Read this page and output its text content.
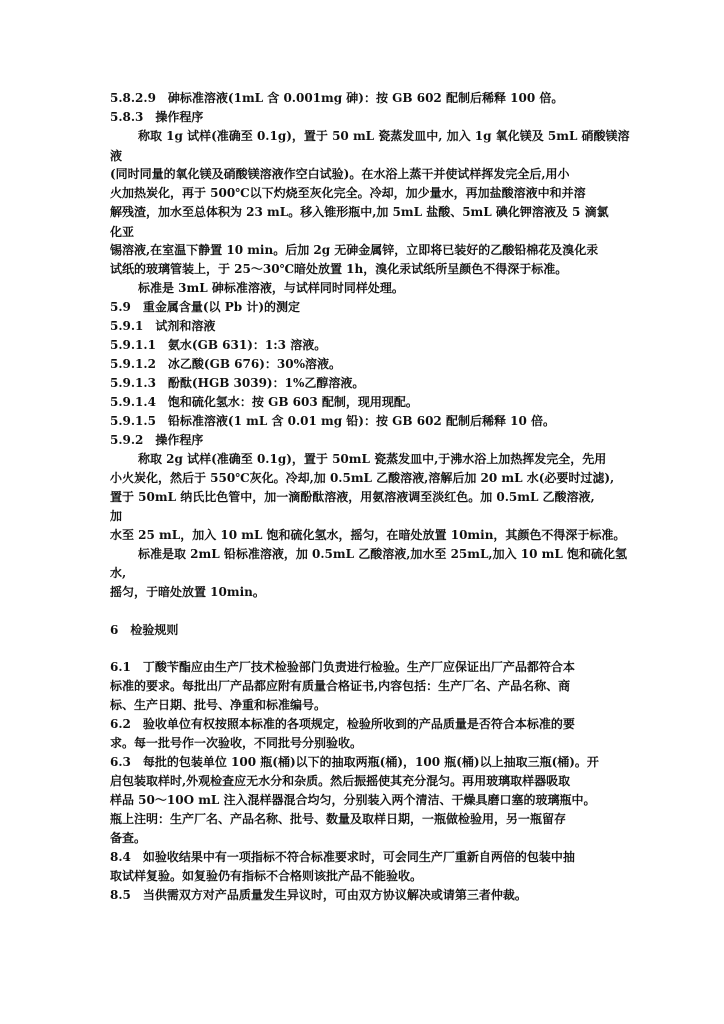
5.8.2.9　砷标准溶液(1mL 含 0.001mg 砷)：按 GB 602 配制后稀释 100 倍。
5.8.3　操作程序
称取 1g 试样(准确至 0.1g)，置于 50 mL 瓷蒸发皿中, 加入 1g 氧化镁及 5mL 硝酸镁溶
液
(同时同量的氧化镁及硝酸镁溶液作空白试验)。在水浴上蒸干并使试样挥发完全后,用小
火加热炭化，再于 500℃以下灼烧至灰化完全。冷却，加少量水，再加盐酸溶液中和并溶
解残渣，加水至总体积为 23 mL。移入锥形瓶中,加 5mL 盐酸、5mL 碘化钾溶液及 5 滴氯
化亚
锡溶液,在室温下静置 10 min。后加 2g 无砷金属锌，立即将已装好的乙酸铅棉花及溴化汞
试纸的玻璃管装上，于 25～30℃暗处放置 1h，溴化汞试纸所呈颜色不得深于标准。
标准是 3mL 砷标准溶液，与试样同时同样处理。
5.9　重金属含量(以 Pb 计)的测定
5.9.1　试剂和溶液
5.9.1.1　氨水(GB 631)：1:3 溶液。
5.9.1.2　冰乙酸(GB 676)：30%溶液。
5.9.1.3　酚酞(HGB 3039)：1%乙醇溶液。
5.9.1.4　饱和硫化氢水：按 GB 603 配制，现用现配。
5.9.1.5　铅标准溶液(1 mL 含 0.01 mg 铅)：按 GB 602 配制后稀释 10 倍。
5.9.2　操作程序
称取 2g 试样(准确至 0.1g)，置于 50mL 瓷蒸发皿中,于沸水浴上加热挥发完全，先用
小火炭化，然后于 550℃灰化。冷却,加 0.5mL 乙酸溶液,溶解后加 20 mL 水(必要时过滤),
置于 50mL 纳氏比色管中，加一滴酚酞溶液，用氨溶液调至淡红色。加 0.5mL 乙酸溶液,
加
水至 25 mL，加入 10 mL 饱和硫化氢水，摇匀，在暗处放置 10min，其颜色不得深于标准。
标准是取 2mL 铅标准溶液，加 0.5mL 乙酸溶液,加水至 25mL,加入 10 mL 饱和硫化氢
水,
摇匀，于暗处放置 10min。
6　检验规则
6.1　丁酸苄酯应由生产厂技术检验部门负责进行检验。生产厂应保证出厂产品都符合本
标准的要求。每批出厂产品都应附有质量合格证书,内容包括：生产厂名、产品名称、商
标、生产日期、批号、净重和标准编号。
6.2　验收单位有权按照本标准的各项规定，检验所收到的产品质量是否符合本标准的要
求。每一批号作一次验收，不同批号分别验收。
6.3　每批的包装单位 100 瓶(桶)以下的抽取两瓶(桶)，100 瓶(桶)以上抽取三瓶(桶)。开
启包装取样时,外观检查应无水分和杂质。然后振摇使其充分混匀。再用玻璃取样器吸取
样品 50～10O mL 注入混样器混合均匀，分别装入两个清洁、干燥具磨口塞的玻璃瓶中。
瓶上注明：生产厂名、产品名称、批号、数量及取样日期，一瓶做检验用，另一瓶留存
备查。
8.4　如验收结果中有一项指标不符合标准要求时，可会同生产厂重新自两倍的包装中抽
取试样复验。如复验仍有指标不合格则该批产品不能验收。
8.5　当供需双方对产品质量发生异议时，可由双方协议解决或请第三者仲裁。
